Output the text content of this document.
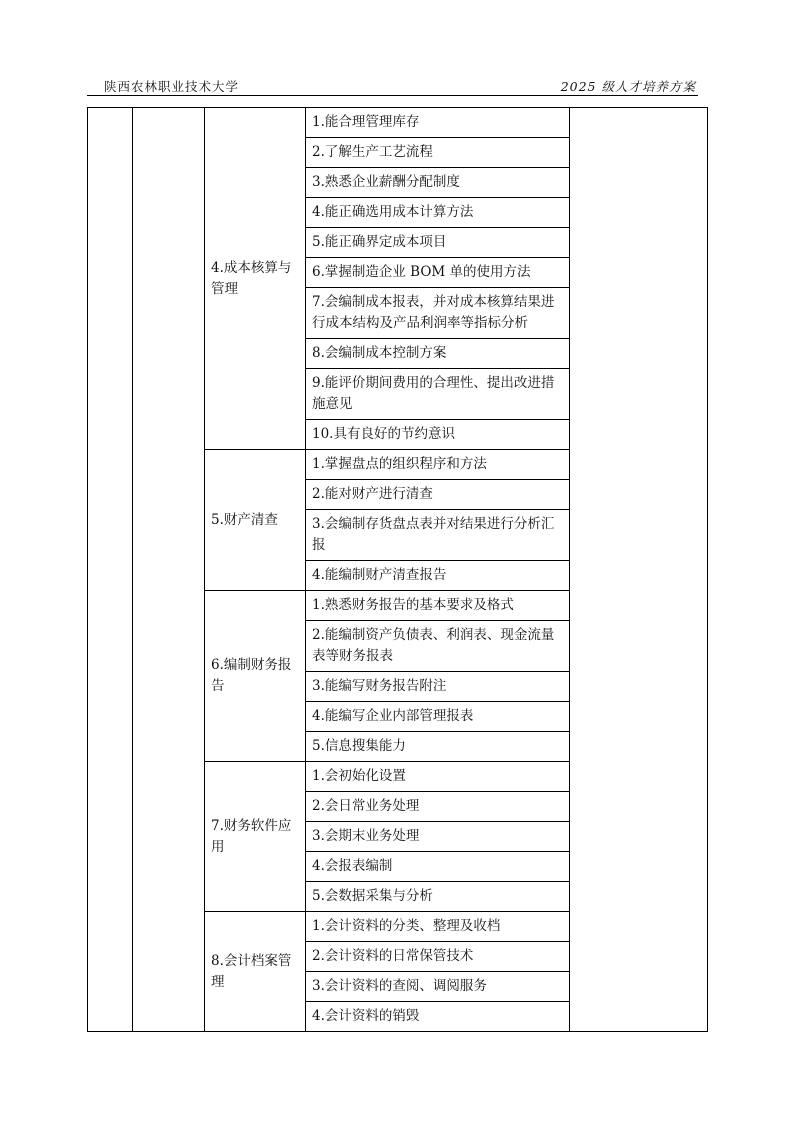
陕西农林职业技术大学	2025 级人才培养方案
		4.成本核算与管理	1.能合理管理库存	
			2.了解生产工艺流程	
			3.熟悉企业薪酬分配制度	
			4.能正确选用成本计算方法	
			5.能正确界定成本项目	
			6.掌握制造企业 BOM 单的使用方法	
			7.会编制成本报表，并对成本核算结果进行成本结构及产品利润率等指标分析	
			8.会编制成本控制方案	
			9.能评价期间费用的合理性、提出改进措施意见	
			10.具有良好的节约意识	
		5.财产清查	1.掌握盘点的组织程序和方法	
			2.能对财产进行清查	
			3.会编制存货盘点表并对结果进行分析汇报	
			4.能编制财产清查报告	
		6.编制财务报告	1.熟悉财务报告的基本要求及格式	
			2.能编制资产负债表、利润表、现金流量表等财务报表	
			3.能编写财务报告附注	
			4.能编写企业内部管理报表	
			5.信息搜集能力	
		7.财务软件应用	1.会初始化设置	
			2.会日常业务处理	
			3.会期末业务处理	
			4.会报表编制	
			5.会数据采集与分析	
		8.会计档案管理	1.会计资料的分类、整理及收档	
			2.会计资料的日常保管技术	
			3.会计资料的查阅、调阅服务	
			4.会计资料的销毁	
